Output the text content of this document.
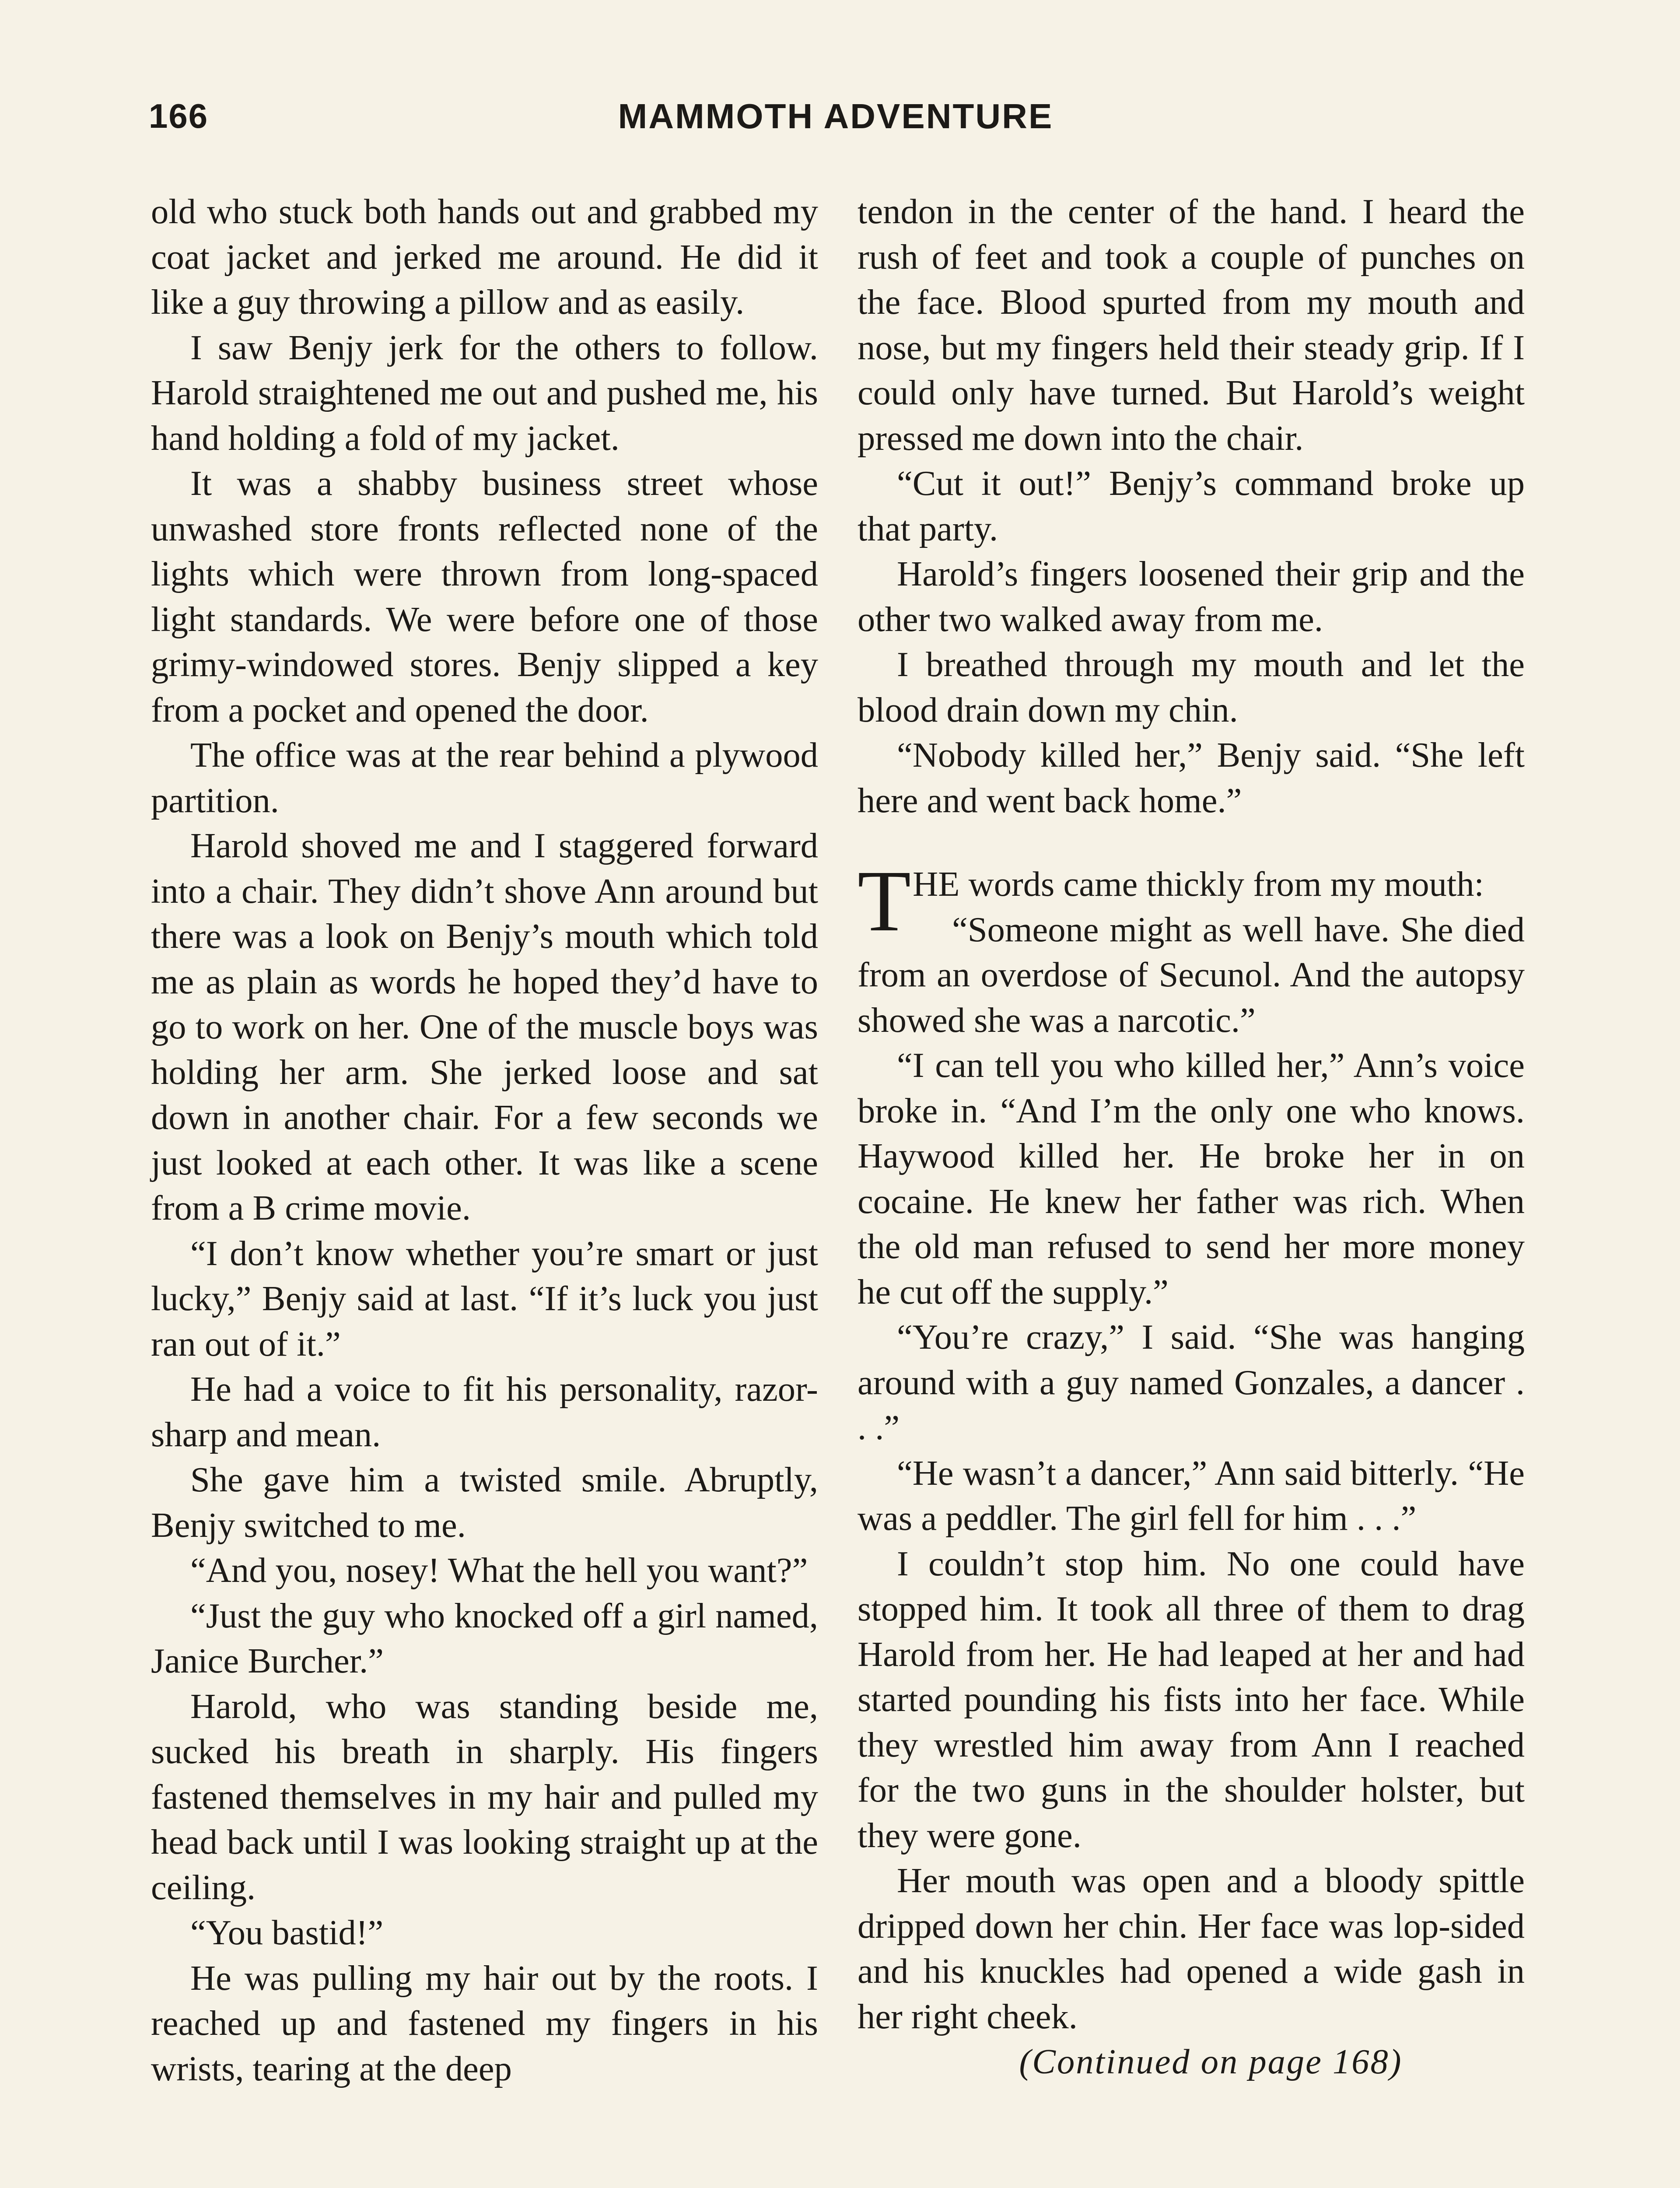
166	MAMMOTH ADVENTURE

old who stuck both hands out and grabbed my coat jacket and jerked me around. He did it like a guy throwing a pillow and as easily.

I saw Benjy jerk for the others to follow. Harold straightened me out and pushed me, his hand holding a fold of my jacket.

It was a shabby business street whose unwashed store fronts reflected none of the lights which were thrown from long-spaced light standards. We were before one of those grimy-windowed stores. Benjy slipped a key from a pocket and opened the door.

The office was at the rear behind a plywood partition.

Harold shoved me and I staggered forward into a chair. They didn’t shove Ann around but there was a look on Benjy’s mouth which told me as plain as words he hoped they’d have to go to work on her. One of the muscle boys was holding her arm. She jerked loose and sat down in another chair. For a few seconds we just looked at each other. It was like a scene from a B crime movie.

“I don’t know whether you’re smart or just lucky,” Benjy said at last. “If it’s luck you just ran out of it.”

He had a voice to fit his personality, razor-sharp and mean.

She gave him a twisted smile. Abruptly, Benjy switched to me.

“And you, nosey! What the hell you want?”

“Just the guy who knocked off a girl named, Janice Burcher.”

Harold, who was standing beside me, sucked his breath in sharply. His fingers fastened themselves in my hair and pulled my head back until I was looking straight up at the ceiling.

“You bastid!”

He was pulling my hair out by the roots. I reached up and fastened my fingers in his wrists, tearing at the deep

tendon in the center of the hand. I heard the rush of feet and took a couple of punches on the face. Blood spurted from my mouth and nose, but my fingers held their steady grip. If I could only have turned. But Harold’s weight pressed me down into the chair.

“Cut it out!” Benjy’s command broke up that party.

Harold’s fingers loosened their grip and the other two walked away from me.

I breathed through my mouth and let the blood drain down my chin.

“Nobody killed her,” Benjy said. “She left here and went back home.”

THE words came thickly from my mouth:

“Someone might as well have. She died from an overdose of Secunol. And the autopsy showed she was a narcotic.”

“I can tell you who killed her,” Ann’s voice broke in. “And I’m the only one who knows. Haywood killed her. He broke her in on cocaine. He knew her father was rich. When the old man refused to send her more money he cut off the supply.”

“You’re crazy,” I said. “She was hanging around with a guy named Gonzales, a dancer . . .”

“He wasn’t a dancer,” Ann said bitterly. “He was a peddler. The girl fell for him . . .”

I couldn’t stop him. No one could have stopped him. It took all three of them to drag Harold from her. He had leaped at her and had started pounding his fists into her face. While they wrestled him away from Ann I reached for the two guns in the shoulder holster, but they were gone.

Her mouth was open and a bloody spittle dripped down her chin. Her face was lop-sided and his knuckles had opened a wide gash in her right cheek.

(Continued on page 168)
